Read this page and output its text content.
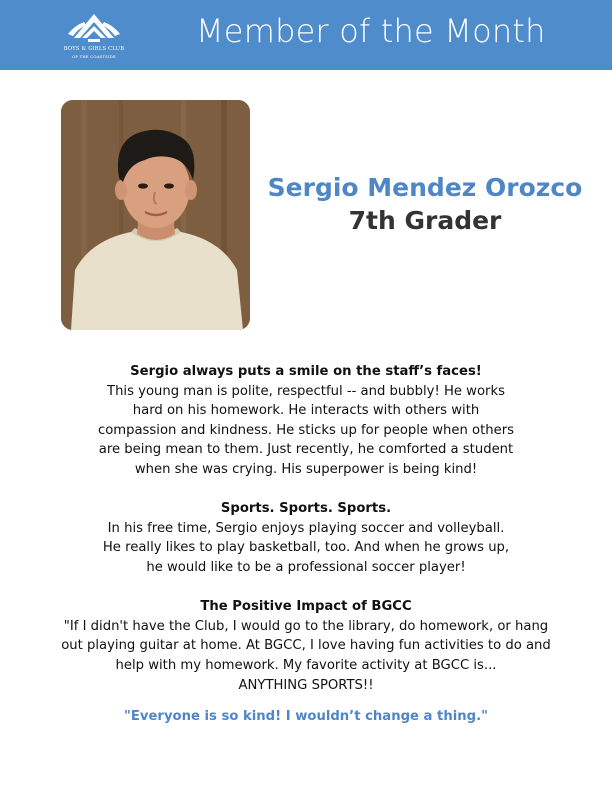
BOYS & GIRLS CLUB
OF THE COASTSIDE
Member of the Month
Sergio Mendez Orozco
7th Grader
Sergio always puts a smile on the staff’s faces!
This young man is polite, respectful -- and bubbly! He works
hard on his homework. He interacts with others with
compassion and kindness. He sticks up for people when others
are being mean to them. Just recently, he comforted a student
when she was crying. His superpower is being kind!
Sports. Sports. Sports.
In his free time, Sergio enjoys playing soccer and volleyball.
He really likes to play basketball, too. And when he grows up,
he would like to be a professional soccer player!
The Positive Impact of BGCC
"If I didn't have the Club, I would go to the library, do homework, or hang
out playing guitar at home. At BGCC, I love having fun activities to do and
help with my homework. My favorite activity at BGCC is...
ANYTHING SPORTS!!
"Everyone is so kind! I wouldn’t change a thing."
